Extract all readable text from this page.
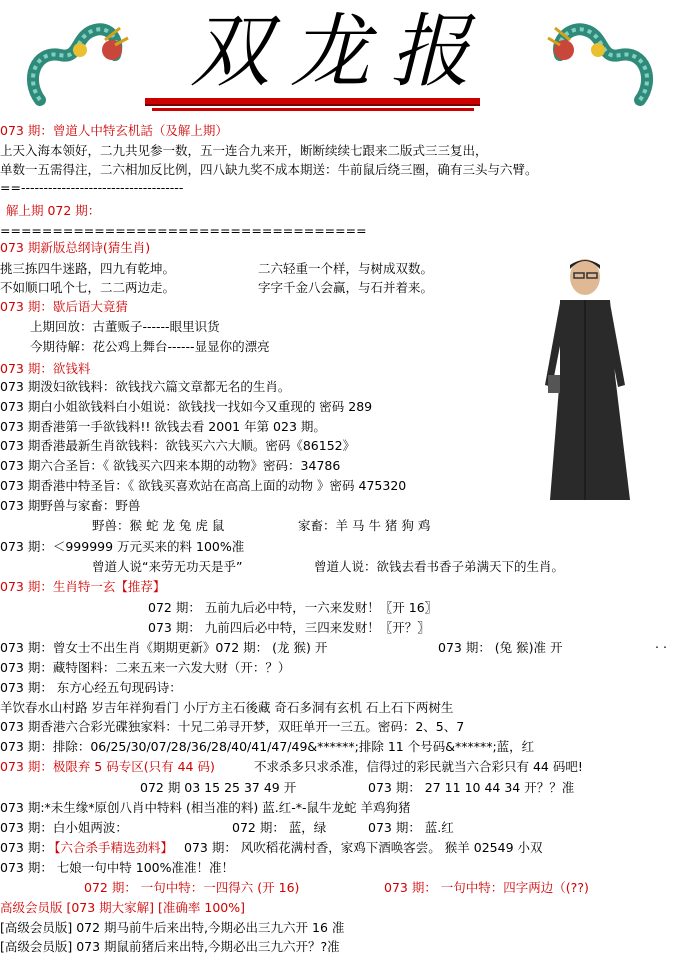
双龙报
073 期：曾道人中特玄机話（及解上期）
上天入海本领好，二九共见参一数，五一连合九来开，断断续续七跟来二版式三三复出，
单数一五需得注，二六相加反比例，四八缺九奖不成本期送：牛前鼠后绕三圈，确有三头与六臂。
==------------------------------------
解上期 072 期：
===================================
073 期新版总纲诗(猜生肖)
挑三拣四牛迷路，四九有乾坤。	二六轻重一个样，与树成双数。
不如顺口吼个七，二二两边走。	字字千金八会赢，与石并着来。
073 期：歇后语大竟猜
上期回放：古董贩子------眼里识货
今期待解：花公鸡上舞台------显显你的漂亮
073 期：欲钱料
073 期泼妇欲钱料：欲钱找六篇文章都无名的生肖。
073 期白小姐欲钱料白小姐说：欲钱找一找如今又重现的 密码 289
073 期香港第一手欲钱料!! 欲钱去看 2001 年第 023 期。
073 期香港最新生肖欲钱料：欲钱买六六大顺。密码《86152》
073 期六合圣旨：《 欲钱买六四来本期的动物》密码：34786
073 期香港中特圣旨：《 欲钱买喜欢站在高高上面的动物 》密码 475320
073 期野兽与家畜：野兽
野兽：猴 蛇 龙 兔 虎 鼠	家畜：羊 马 牛 猪 狗 鸡
073 期：＜999999 万元买来的料 100%准
曾道人说“来劳无功天是乎”	曾道人说：欲钱去看书香子弟满天下的生肖。
073 期：生肖特一玄【推荐】
072 期： 五前九后必中特，一六来发财！〖开 16〗
073 期： 九前四后必中特，三四来发财！〖开？〗
073 期：曾女士不出生肖《期期更新》072 期： (龙 猴) 开	073 期： (兔 猴)准 开
073 期：藏特图料：二来五来一六发大财（开：？）
073 期： 东方心经五句现码诗：
羊饮春水山村路 岁吉年祥狗看门 小厅方主石後藏 奇石多洞有玄机 石上石下两树生
073 期香港六合彩光碟独家料：十兄二弟寻开梦，双旺单开一三五。密码：2、5、7
073 期：排除：06/25/30/07/28/36/28/40/41/47/49&******;排除 11 个号码&******;蓝，红
073 期：极限弃 5 码专区(只有 44 码)	不求杀多只求杀准，信得过的彩民就当六合彩只有 44 码吧!
072 期 03 15 25 37 49 开	073 期： 27 11 10 44 34 开？？准
073 期:*未生缘*原创八肖中特料 (相当准的料) 蓝.红-*-鼠牛龙蛇 羊鸡狗猪
073 期：白小姐两波：	072 期： 蓝，绿	073 期： 蓝.红
073 期：
【六合杀手精选劲料】 073 期： 风吹稻花满村香，家鸡下酒唤客尝。 猴羊 02549 小双
073 期： 七娘一句中特 100%准准！准！
072 期： 一句中特：一四得六 (开 16)	073 期： 一句中特：四字两边（(??)
高级会员版 [073 期大家解] [准确率 100%]
[高级会员版] 072 期马前牛后来出特,今期必出三九六开 16 准
[高级会员版] 073 期鼠前猪后来出特,今期必出三九六开？?准
. .
